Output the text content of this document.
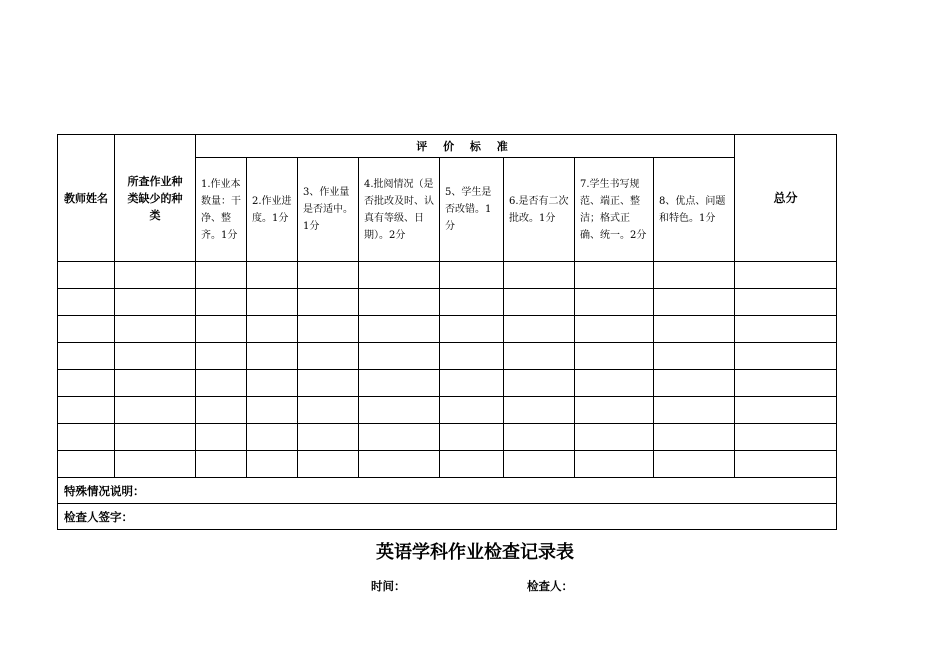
教师姓名	所查作业种类缺少的种类	评 价 标 准								总分
		1.作业本数量：干净、整齐。1分	2.作业进度。1分	3、作业量是否适中。1分	4.批阅情况（是否批改及时、认真有等级、日期）。2分	5、学生是否改错。1分	6.是否有二次批改。1分	7.学生书写规范、端正、整洁；格式正确、统一。2分	8、优点、问题和特色。1分	

特殊情况说明：										
检查人签字：										
英语学科作业检查记录表
时间：	检查人：
